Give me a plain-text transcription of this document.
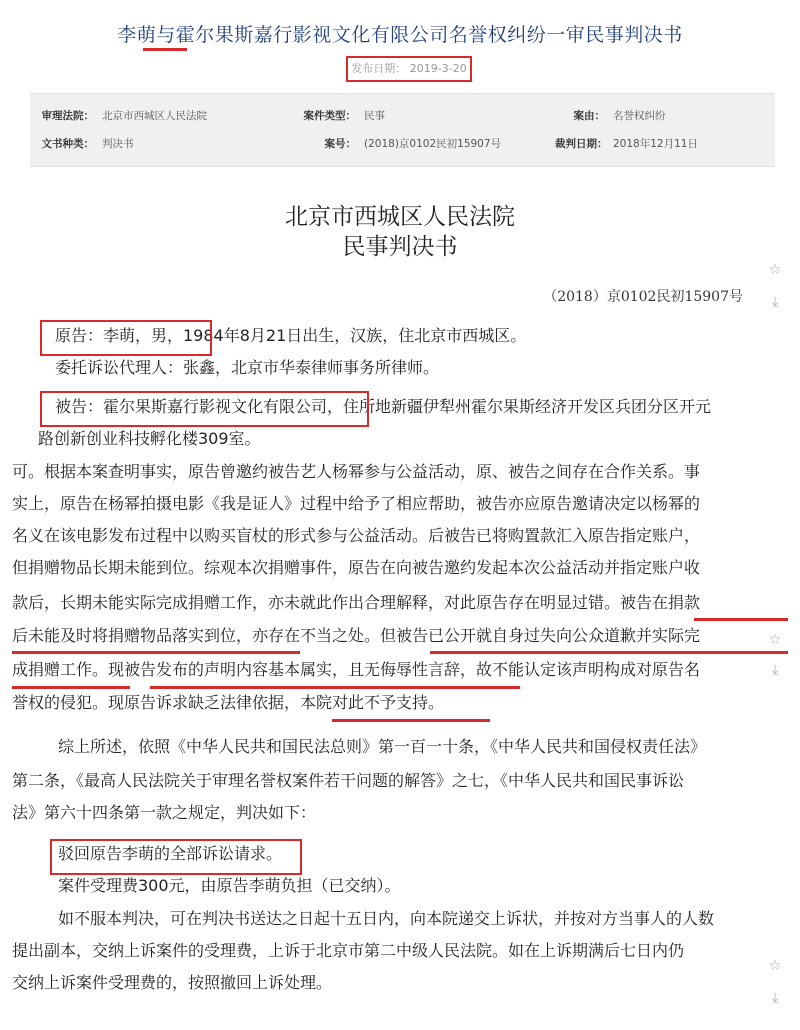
李萌与霍尔果斯嘉行影视文化有限公司名誉权纠纷一审民事判决书
发布日期： 2019-3-20
审理法院： 北京市西城区人民法院	案件类型： 民事	案由： 名誉权纠纷
文书种类： 判决书	案号： (2018)京0102民初15907号	裁判日期： 2018年12月11日
北京市西城区人民法院
民事判决书
（2018）京0102民初15907号
☆
⤓
☆
⤓
☆
⤓
原告：李萌，男，1984年8月21日出生，汉族，住北京市西城区。
委托诉讼代理人：张鑫，北京市华泰律师事务所律师。
被告：霍尔果斯嘉行影视文化有限公司，住所地新疆伊犁州霍尔果斯经济开发区兵团分区开元
路创新创业科技孵化楼309室。
可。根据本案查明事实，原告曾邀约被告艺人杨幂参与公益活动，原、被告之间存在合作关系。事
实上，原告在杨幂拍摄电影《我是证人》过程中给予了相应帮助，被告亦应原告邀请决定以杨幂的
名义在该电影发布过程中以购买盲杖的形式参与公益活动。后被告已将购置款汇入原告指定账户，
但捐赠物品长期未能到位。综观本次捐赠事件，原告在向被告邀约发起本次公益活动并指定账户收
款后，长期未能实际完成捐赠工作，亦未就此作出合理解释，对此原告存在明显过错。被告在捐款
后未能及时将捐赠物品落实到位，亦存在不当之处。但被告已公开就自身过失向公众道歉并实际完
成捐赠工作。现被告发布的声明内容基本属实，且无侮辱性言辞，故不能认定该声明构成对原告名
誉权的侵犯。现原告诉求缺乏法律依据，本院对此不予支持。
综上所述，依照《中华人民共和国民法总则》第一百一十条，《中华人民共和国侵权责任法》
第二条，《最高人民法院关于审理名誉权案件若干问题的解答》之七，《中华人民共和国民事诉讼
法》第六十四条第一款之规定，判决如下：
驳回原告李萌的全部诉讼请求。
案件受理费300元，由原告李萌负担（已交纳）。
如不服本判决，可在判决书送达之日起十五日内，向本院递交上诉状，并按对方当事人的人数
提出副本，交纳上诉案件的受理费，上诉于北京市第二中级人民法院。如在上诉期满后七日内仍
交纳上诉案件受理费的，按照撤回上诉处理。
